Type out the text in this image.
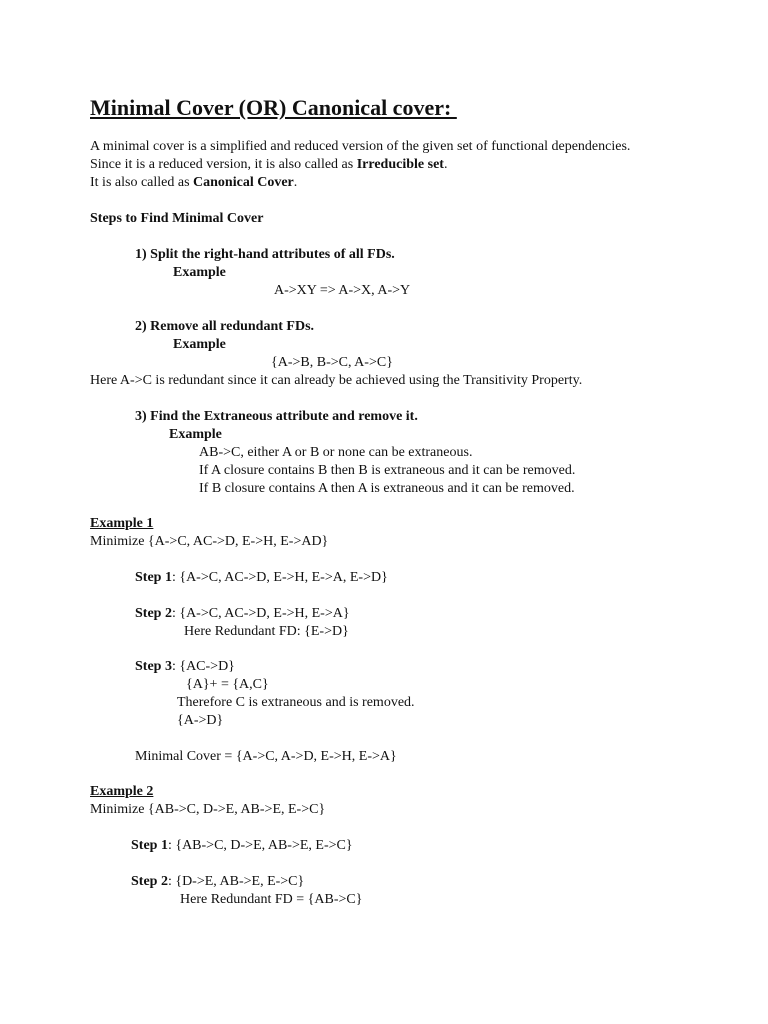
Minimal Cover (OR) Canonical cover:
A minimal cover is a simplified and reduced version of the given set of functional dependencies.
Since it is a reduced version, it is also called as Irreducible set.
It is also called as Canonical Cover.
Steps to Find Minimal Cover
1) Split the right-hand attributes of all FDs.
Example
A->XY => A->X, A->Y
2) Remove all redundant FDs.
Example
{A->B, B->C, A->C}
Here A->C is redundant since it can already be achieved using the Transitivity Property.
3) Find the Extraneous attribute and remove it.
Example
AB->C, either A or B or none can be extraneous.
If A closure contains B then B is extraneous and it can be removed.
If B closure contains A then A is extraneous and it can be removed.
Example 1
Minimize {A->C, AC->D, E->H, E->AD}
Step 1: {A->C, AC->D, E->H, E->A, E->D}
Step 2: {A->C, AC->D, E->H, E->A}
Here Redundant FD: {E->D}
Step 3: {AC->D}
{A}+ = {A,C}
Therefore C is extraneous and is removed.
{A->D}
Minimal Cover = {A->C, A->D, E->H, E->A}
Example 2
Minimize {AB->C, D->E, AB->E, E->C}
Step 1: {AB->C, D->E, AB->E, E->C}
Step 2: {D->E, AB->E, E->C}
Here Redundant FD = {AB->C}
